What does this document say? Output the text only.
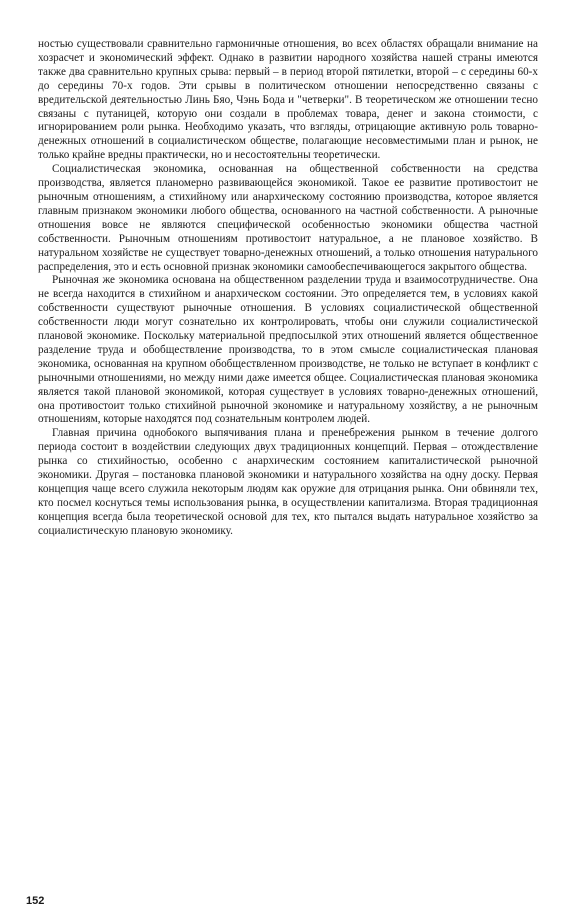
ностью существовали сравнительно гармоничные отношения, во всех областях обращали внимание на хозрасчет и экономический эффект. Однако в развитии народного хозяйства нашей страны имеются также два сравнительно крупных срыва: первый – в период второй пятилетки, второй – с середины 60-х до середины 70-х годов. Эти срывы в политическом отношении непосредственно связаны с вредительской деятельностью Линь Бяо, Чэнь Бода и "четверки". В теоретическом же отношении тесно связаны с путаницей, которую они создали в проблемах товара, денег и закона стоимости, с игнорированием роли рынка. Необходимо указать, что взгляды, отрицающие активную роль товарно-денежных отношений в социалистическом обществе, полагающие несовместимыми план и рынок, не только крайне вредны практически, но и несостоятельны теоретически.

Социалистическая экономика, основанная на общественной собственности на средства производства, является планомерно развивающейся экономикой. Такое ее развитие противостоит не рыночным отношениям, а стихийному или анархическому состоянию производства, которое является главным признаком экономики любого общества, основанного на частной собственности. А рыночные отношения вовсе не являются специфической особенностью экономики общества частной собственности. Рыночным отношениям противостоит натуральное, а не плановое хозяйство. В натуральном хозяйстве не существует товарно-денежных отношений, а только отношения натурального распределения, это и есть основной признак экономики самообеспечивающегося закрытого общества.

Рыночная же экономика основана на общественном разделении труда и взаимосотрудничестве. Она не всегда находится в стихийном и анархическом состоянии. Это определяется тем, в условиях какой собственности существуют рыночные отношения. В условиях социалистической общественной собственности люди могут сознательно их контролировать, чтобы они служили социалистической плановой экономике. Поскольку материальной предпосылкой этих отношений является общественное разделение труда и обобществление производства, то в этом смысле социалистическая плановая экономика, основанная на крупном обобществленном производстве, не только не вступает в конфликт с рыночными отношениями, но между ними даже имеется общее. Социалистическая плановая экономика является такой плановой экономикой, которая существует в условиях товарно-денежных отношений, она противостоит только стихийной рыночной экономике и натуральному хозяйству, а не рыночным отношениям, которые находятся под сознательным контролем людей.

Главная причина однобокого выпячивания плана и пренебрежения рынком в течение долгого периода состоит в воздействии следующих двух традиционных концепций. Первая – отождествление рынка со стихийностью, особенно с анархическим состоянием капиталистической рыночной экономики. Другая – постановка плановой экономики и натурального хозяйства на одну доску. Первая концепция чаще всего служила некоторым людям как оружие для отрицания рынка. Они обвиняли тех, кто посмел коснуться темы использования рынка, в осуществлении капитализма. Вторая традиционная концепция всегда была теоретической основой для тех, кто пытался выдать натуральное хозяйство за социалистическую плановую экономику.

152
